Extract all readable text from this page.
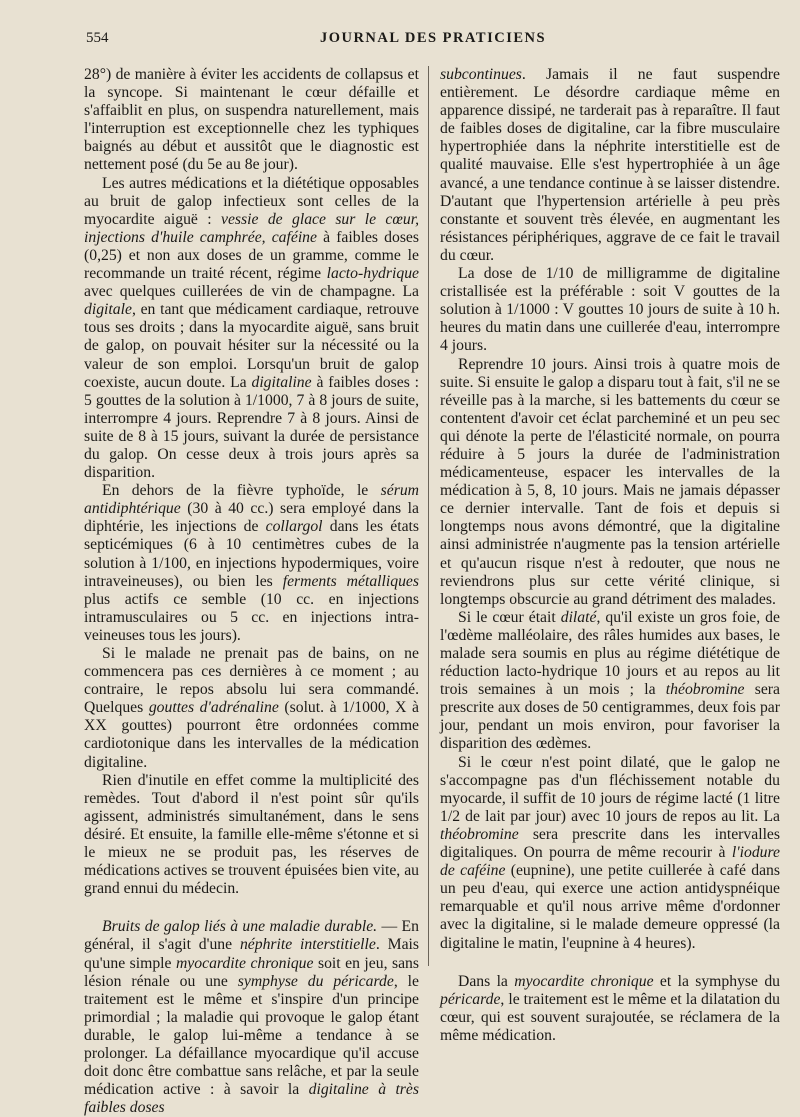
554	JOURNAL DES PRATICIENS

28°) de manière à éviter les accidents de collapsus et la syncope. Si maintenant le cœur défaille et s'affaiblit en plus, on suspendra naturellement, mais l'interruption est exceptionnelle chez les typhiques baignés au début et aussitôt que le diagnostic est nettement posé (du 5e au 8e jour).

Les autres médications et la diététique opposables au bruit de galop infectieux sont celles de la myocardite aiguë : vessie de glace sur le cœur, injections d'huile camphrée, caféine à faibles doses (0,25) et non aux doses de un gramme, comme le recommande un traité récent, régime lacto-hydrique avec quelques cuillerées de vin de champagne. La digitale, en tant que médicament cardiaque, retrouve tous ses droits ; dans la myocardite aiguë, sans bruit de galop, on pouvait hésiter sur la nécessité ou la valeur de son emploi. Lorsqu'un bruit de galop coexiste, aucun doute. La digitaline à faibles doses : 5 gouttes de la solution à 1/1000, 7 à 8 jours de suite, interrompre 4 jours. Reprendre 7 à 8 jours. Ainsi de suite de 8 à 15 jours, suivant la durée de persistance du galop. On cesse deux à trois jours après sa disparition.

En dehors de la fièvre typhoïde, le sérum antidiphtérique (30 à 40 cc.) sera employé dans la diphtérie, les injections de collargol dans les états septicémiques (6 à 10 centimètres cubes de la solution à 1/100, en injections hypodermiques, voire intraveineuses), ou bien les ferments métalliques plus actifs ce semble (10 cc. en injections intramusculaires ou 5 cc. en injections intra-veineuses tous les jours).

Si le malade ne prenait pas de bains, on ne commencera pas ces dernières à ce moment ; au contraire, le repos absolu lui sera commandé. Quelques gouttes d'adrénaline (solut. à 1/1000, X à XX gouttes) pourront être ordonnées comme cardiotonique dans les intervalles de la médication digitaline.

Rien d'inutile en effet comme la multiplicité des remèdes. Tout d'abord il n'est point sûr qu'ils agissent, administrés simultanément, dans le sens désiré. Et ensuite, la famille elle-même s'étonne et si le mieux ne se produit pas, les réserves de médications actives se trouvent épuisées bien vite, au grand ennui du médecin.

Bruits de galop liés à une maladie durable. — En général, il s'agit d'une néphrite interstitielle. Mais qu'une simple myocardite chronique soit en jeu, sans lésion rénale ou une symphyse du péricarde, le traitement est le même et s'inspire d'un principe primordial ; la maladie qui provoque le galop étant durable, le galop lui-même a tendance à se prolonger. La défaillance myocardique qu'il accuse doit donc être combattue sans relâche, et par la seule médication active : à savoir la digitaline à très faibles doses

subcontinues. Jamais il ne faut suspendre entièrement. Le désordre cardiaque même en apparence dissipé, ne tarderait pas à reparaître. Il faut de faibles doses de digitaline, car la fibre musculaire hypertrophiée dans la néphrite interstitielle est de qualité mauvaise. Elle s'est hypertrophiée à un âge avancé, a une tendance continue à se laisser distendre. D'autant que l'hypertension artérielle à peu près constante et souvent très élevée, en augmentant les résistances périphériques, aggrave de ce fait le travail du cœur.

La dose de 1/10 de milligramme de digitaline cristallisée est la préférable : soit V gouttes de la solution à 1/1000 : V gouttes 10 jours de suite à 10 h. heures du matin dans une cuillerée d'eau, interrompre 4 jours.

Reprendre 10 jours. Ainsi trois à quatre mois de suite. Si ensuite le galop a disparu tout à fait, s'il ne se réveille pas à la marche, si les battements du cœur se contentent d'avoir cet éclat parcheminé et un peu sec qui dénote la perte de l'élasticité normale, on pourra réduire à 5 jours la durée de l'administration médicamenteuse, espacer les intervalles de la médication à 5, 8, 10 jours. Mais ne jamais dépasser ce dernier intervalle. Tant de fois et depuis si longtemps nous avons démontré, que la digitaline ainsi administrée n'augmente pas la tension artérielle et qu'aucun risque n'est à redouter, que nous ne reviendrons plus sur cette vérité clinique, si longtemps obscurcie au grand détriment des malades.

Si le cœur était dilaté, qu'il existe un gros foie, de l'œdème malléolaire, des râles humides aux bases, le malade sera soumis en plus au régime diététique de réduction lacto-hydrique 10 jours et au repos au lit trois semaines à un mois ; la théobromine sera prescrite aux doses de 50 centigrammes, deux fois par jour, pendant un mois environ, pour favoriser la disparition des œdèmes.

Si le cœur n'est point dilaté, que le galop ne s'accompagne pas d'un fléchissement notable du myocarde, il suffit de 10 jours de régime lacté (1 litre 1/2 de lait par jour) avec 10 jours de repos au lit. La théobromine sera prescrite dans les intervalles digitaliques. On pourra de même recourir à l'iodure de caféine (eupnine), une petite cuillerée à café dans un peu d'eau, qui exerce une action antidyspnéique remarquable et qu'il nous arrive même d'ordonner avec la digitaline, si le malade demeure oppressé (la digitaline le matin, l'eupnine à 4 heures).

Dans la myocardite chronique et la symphyse du péricarde, le traitement est le même et la dilatation du cœur, qui est souvent surajoutée, se réclamera de la même médication.
